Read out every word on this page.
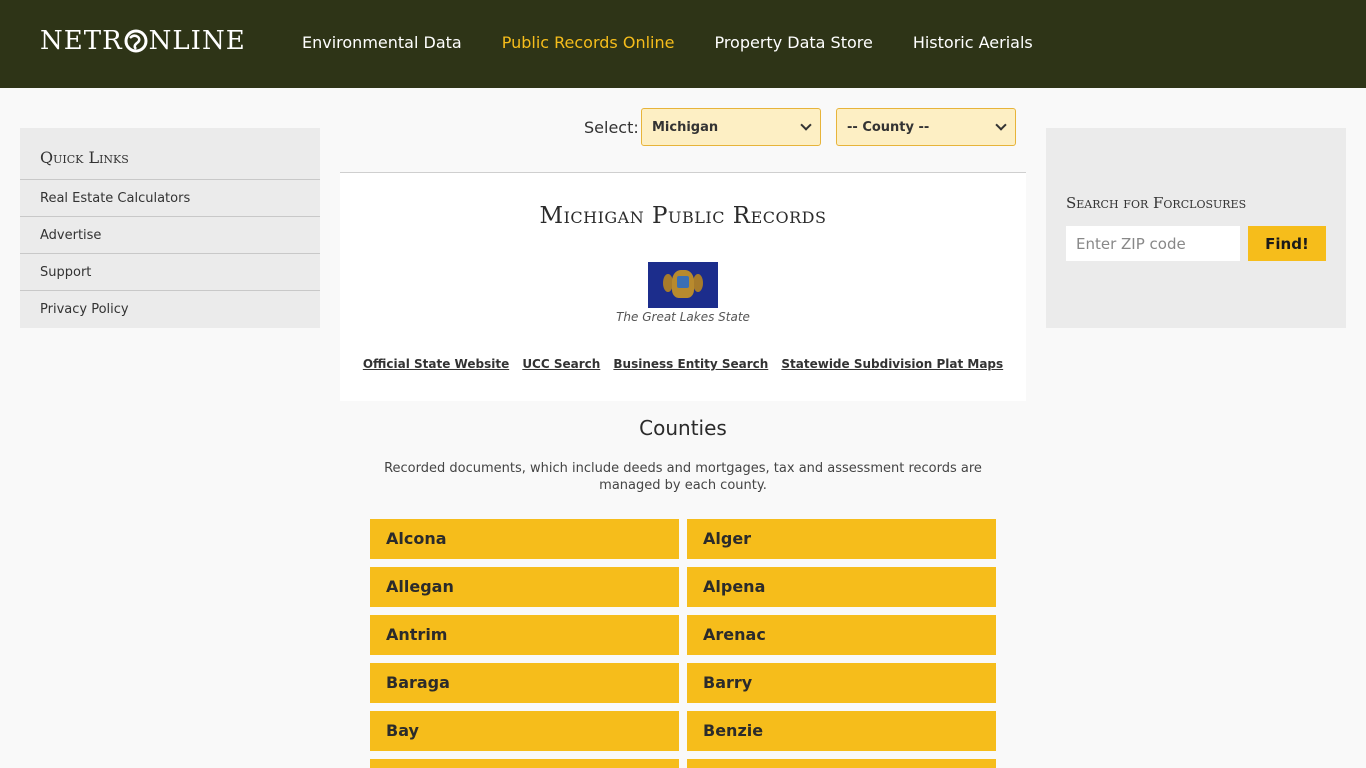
NETR NLINE	Environmental Data	Public Records Online	Property Data Store	Historic Aerials
Quick Links
Real Estate Calculators
Advertise
Support
Privacy Policy
Select: Michigan	-- County --
Michigan Public Records
The Great Lakes State
Official State Website UCC Search Business Entity Search Statewide Subdivision Plat Maps
Counties
Recorded documents, which include deeds and mortgages, tax and assessment records are managed by each county.
Alcona	Alger
Allegan	Alpena
Antrim	Arenac
Baraga	Barry
Bay	Benzie
Search for Forclosures
Enter ZIP code
Find!
